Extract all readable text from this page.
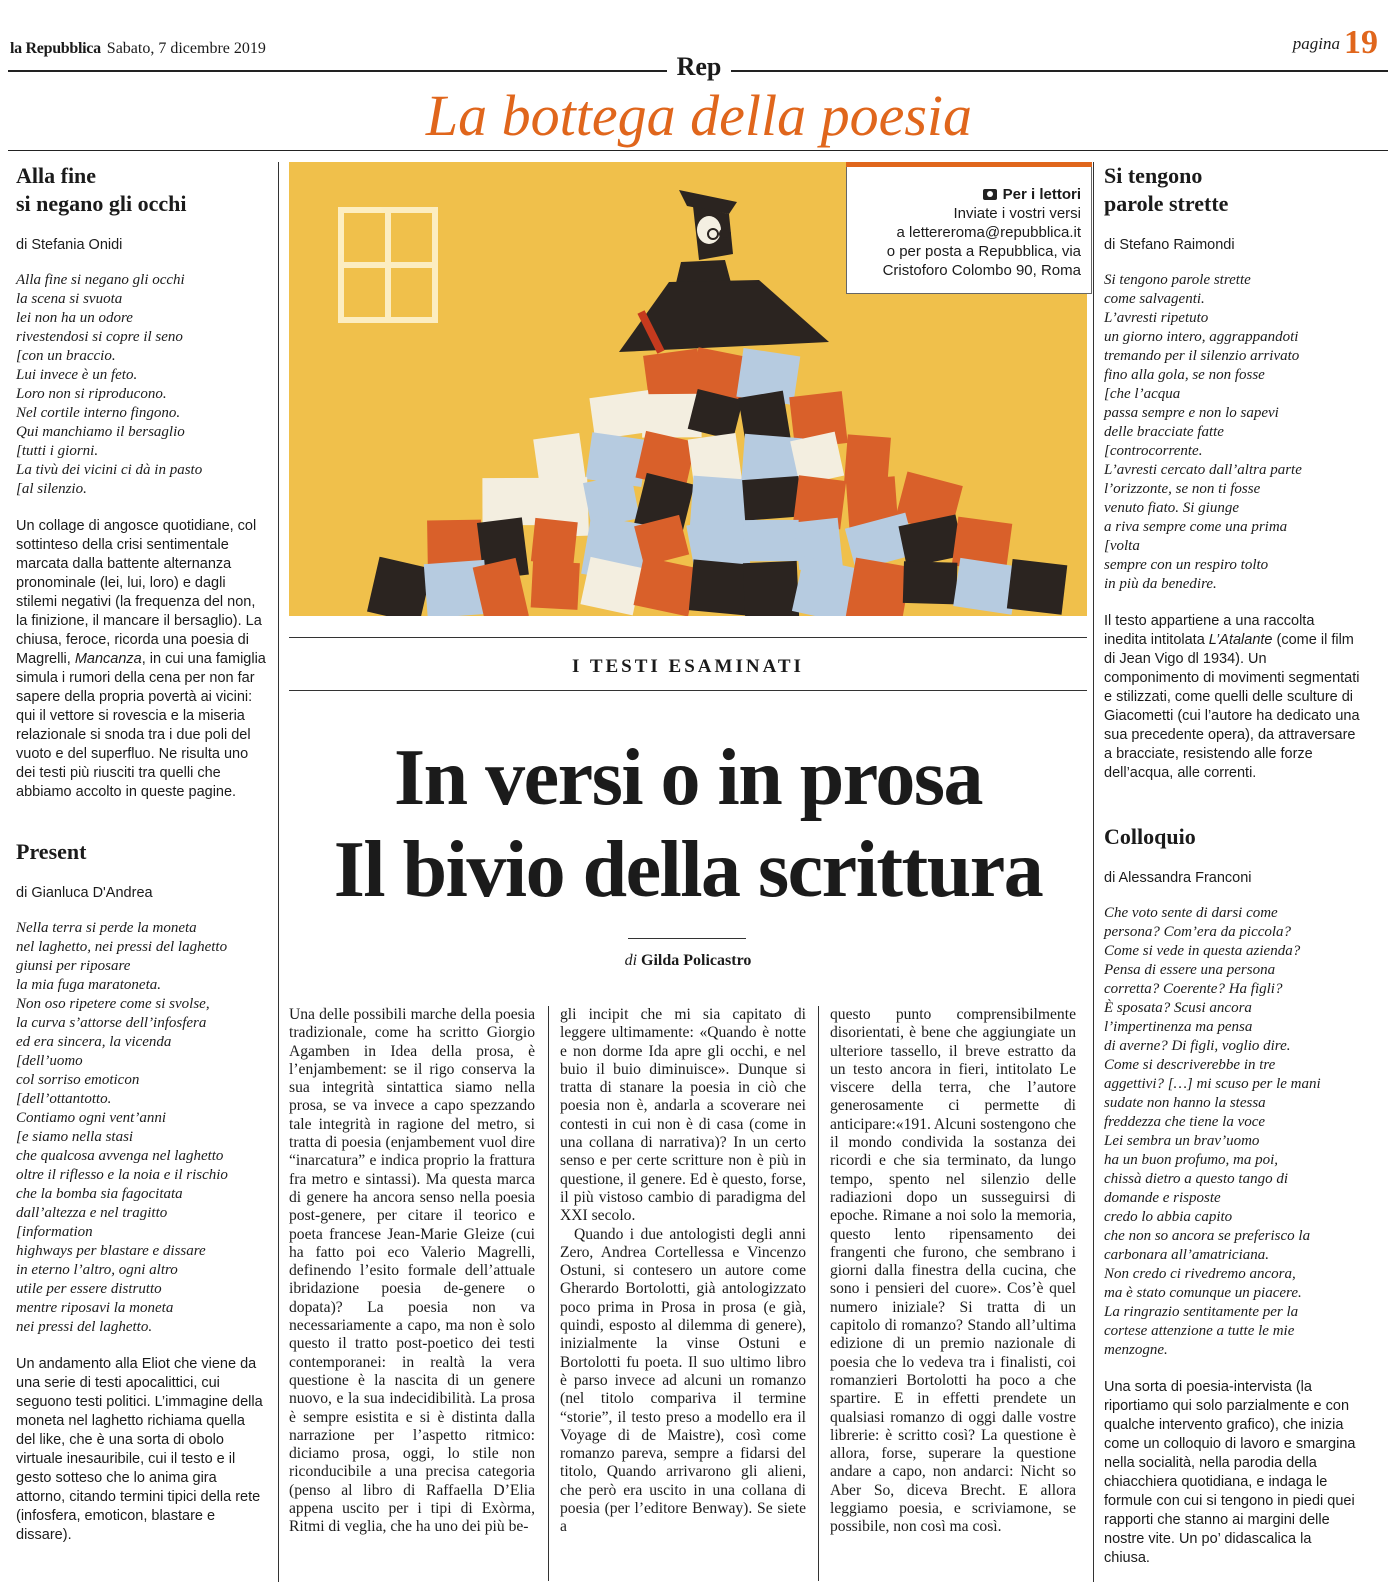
la Repubblica Sabato, 7 dicembre 2019	pagina 19
Rep
La bottega della poesia
Alla fine
si negano gli occhi
di Stefania Onidi
Alla fine si negano gli occhi
la scena si svuota
lei non ha un odore
rivestendosi si copre il seno
[con un braccio.
Lui invece è un feto.
Loro non si riproducono.
Nel cortile interno fingono.
Qui manchiamo il bersaglio
[tutti i giorni.
La tivù dei vicini ci dà in pasto
[al silenzio.
Un collage di angosce quotidiane, col sottinteso della crisi sentimentale marcata dalla battente alternanza pronominale (lei, lui, loro) e dagli stilemi negativi (la frequenza del non, la finizione, il mancare il bersaglio). La chiusa, feroce, ricorda una poesia di Magrelli, Mancanza, in cui una famiglia simula i rumori della cena per non far sapere della propria povertà ai vicini: qui il vettore si rovescia e la miseria relazionale si snoda tra i due poli del vuoto e del superfluo. Ne risulta uno dei testi più riusciti tra quelli che abbiamo accolto in queste pagine.
Present
di Gianluca D'Andrea
Nella terra si perde la moneta
nel laghetto, nei pressi del laghetto
giunsi per riposare
la mia fuga maratoneta.
Non oso ripetere come si svolse,
la curva s’attorse dell’infosfera
ed era sincera, la vicenda
[dell’uomo
col sorriso emoticon
[dell’ottantotto.
Contiamo ogni vent’anni
[e siamo nella stasi
che qualcosa avvenga nel laghetto
oltre il riflesso e la noia e il rischio
che la bomba sia fagocitata
dall’altezza e nel tragitto
[information
highways per blastare e dissare
in eterno l’altro, ogni altro
utile per essere distrutto
mentre riposavi la moneta
nei pressi del laghetto.
Un andamento alla Eliot che viene da una serie di testi apocalittici, cui seguono testi politici. L’immagine della moneta nel laghetto richiama quella del like, che è una sorta di obolo virtuale inesauribile, cui il testo e il gesto sotteso che lo anima gira attorno, citando termini tipici della rete (infosfera, emoticon, blastare e dissare).
Per i lettori
Inviate i vostri versi
a lettereroma@repubblica.it
o per posta a Repubblica, via
Cristoforo Colombo 90, Roma
I TESTI ESAMINATI
In versi o in prosa
Il bivio della scrittura
di Gilda Policastro

Una delle possibili marche della poesia tradizionale, come ha scritto Giorgio Agamben in Idea della prosa, è l’enjambement: se il rigo conserva la sua integrità sintattica siamo nella prosa, se va invece a capo spezzando tale integrità in ragione del metro, si tratta di poesia (enjambement vuol dire “inarcatura” e indica proprio la frattura fra metro e sintassi). Ma questa marca di genere ha ancora senso nella poesia post-genere, per citare il teorico e poeta francese Jean-Marie Gleize (cui ha fatto poi eco Valerio Magrelli, definendo l’esito formale dell’attuale ibridazione poesia de-genere o dopata)? La poesia non va necessariamente a capo, ma non è solo questo il tratto post-poetico dei testi contemporanei: in realtà la vera questione è la nascita di un genere nuovo, e la sua indecidibilità. La prosa è sempre esistita e si è distinta dalla narrazione per l’aspetto ritmico: diciamo prosa, oggi, lo stile non riconducibile a una precisa categoria (penso al libro di Raffaella D’Elia appena uscito per i tipi di Exòrma, Ritmi di veglia, che ha uno dei più be-

gli incipit che mi sia capitato di leggere ultimamente: «Quando è notte e non dorme Ida apre gli occhi, e nel buio il buio diminuisce». Dunque si tratta di stanare la poesia in ciò che poesia non è, andarla a scoverare nei contesti in cui non è di casa (come in una collana di narrativa)? In un certo senso e per certe scritture non è più in questione, il genere. Ed è questo, forse, il più vistoso cambio di paradigma del XXI secolo.

Quando i due antologisti degli anni Zero, Andrea Cortellessa e Vincenzo Ostuni, si contesero un autore come Gherardo Bortolotti, già antologizzato poco prima in Prosa in prosa (e già, quindi, esposto al dilemma di genere), inizialmente la vinse Ostuni e Bortolotti fu poeta. Il suo ultimo libro è parso invece ad alcuni un romanzo (nel titolo compariva il termine “storie”, il testo preso a modello era il Voyage di de Maistre), così come romanzo pareva, sempre a fidarsi del titolo, Quando arrivarono gli alieni, che però era uscito in una collana di poesia (per l’editore Benway). Se siete a

questo punto comprensibilmente disorientati, è bene che aggiungiate un ulteriore tassello, il breve estratto da un testo ancora in fieri, intitolato Le viscere della terra, che l’autore generosamente ci permette di anticipare:«191. Alcuni sostengono che il mondo condivida la sostanza dei ricordi e che sia terminato, da lungo tempo, spento nel silenzio delle radiazioni dopo un susseguirsi di epoche. Rimane a noi solo la memoria, questo lento ripensamento dei frangenti che furono, che sembrano i giorni dalla finestra della cucina, che sono i pensieri del cuore». Cos’è quel numero iniziale? Si tratta di un capitolo di romanzo? Stando all’ultima edizione di un premio nazionale di poesia che lo vedeva tra i finalisti, coi romanzieri Bortolotti ha poco a che spartire. E in effetti prendete un qualsiasi romanzo di oggi dalle vostre librerie: è scritto così? La questione è allora, forse, superare la questione andare a capo, non andarci: Nicht so Aber So, diceva Brecht. E allora leggiamo poesia, e scriviamone, se possibile, non così ma così.

Si tengono
parole strette
di Stefano Raimondi
Si tengono parole strette
come salvagenti.
L’avresti ripetuto
un giorno intero, aggrappandoti
tremando per il silenzio arrivato
fino alla gola, se non fosse
[che l’acqua
passa sempre e non lo sapevi
delle bracciate fatte
[controcorrente.
L’avresti cercato dall’altra parte
l’orizzonte, se non ti fosse
venuto fiato. Si giunge
a riva sempre come una prima
[volta
sempre con un respiro tolto
in più da benedire.
Il testo appartiene a una raccolta inedita intitolata L’Atalante (come il film di Jean Vigo dl 1934). Un componimento di movimenti segmentati e stilizzati, come quelli delle sculture di Giacometti (cui l’autore ha dedicato una sua precedente opera), da attraversare a bracciate, resistendo alle forze dell’acqua, alle correnti.
Colloquio
di Alessandra Franconi
Che voto sente di darsi come
persona? Com’era da piccola?
Come si vede in questa azienda?
Pensa di essere una persona
corretta? Coerente? Ha figli?
È sposata? Scusi ancora
l’impertinenza ma pensa
di averne? Di figli, voglio dire.
Come si descriverebbe in tre
aggettivi? […] mi scuso per le mani
sudate non hanno la stessa
freddezza che tiene la voce
Lei sembra un brav’uomo
ha un buon profumo, ma poi,
chissà dietro a questo tango di
domande e risposte
credo lo abbia capito
che non so ancora se preferisco la
carbonara all’amatriciana.
Non credo ci rivedremo ancora,
ma è stato comunque un piacere.
La ringrazio sentitamente per la
cortese attenzione a tutte le mie
menzogne.
Una sorta di poesia-intervista (la riportiamo qui solo parzialmente e con qualche intervento grafico), che inizia come un colloquio di lavoro e smargina nella socialità, nella parodia della chiacchiera quotidiana, e indaga le formule con cui si tengono in piedi quei rapporti che stanno ai margini delle nostre vite. Un po’ didascalica la chiusa.
